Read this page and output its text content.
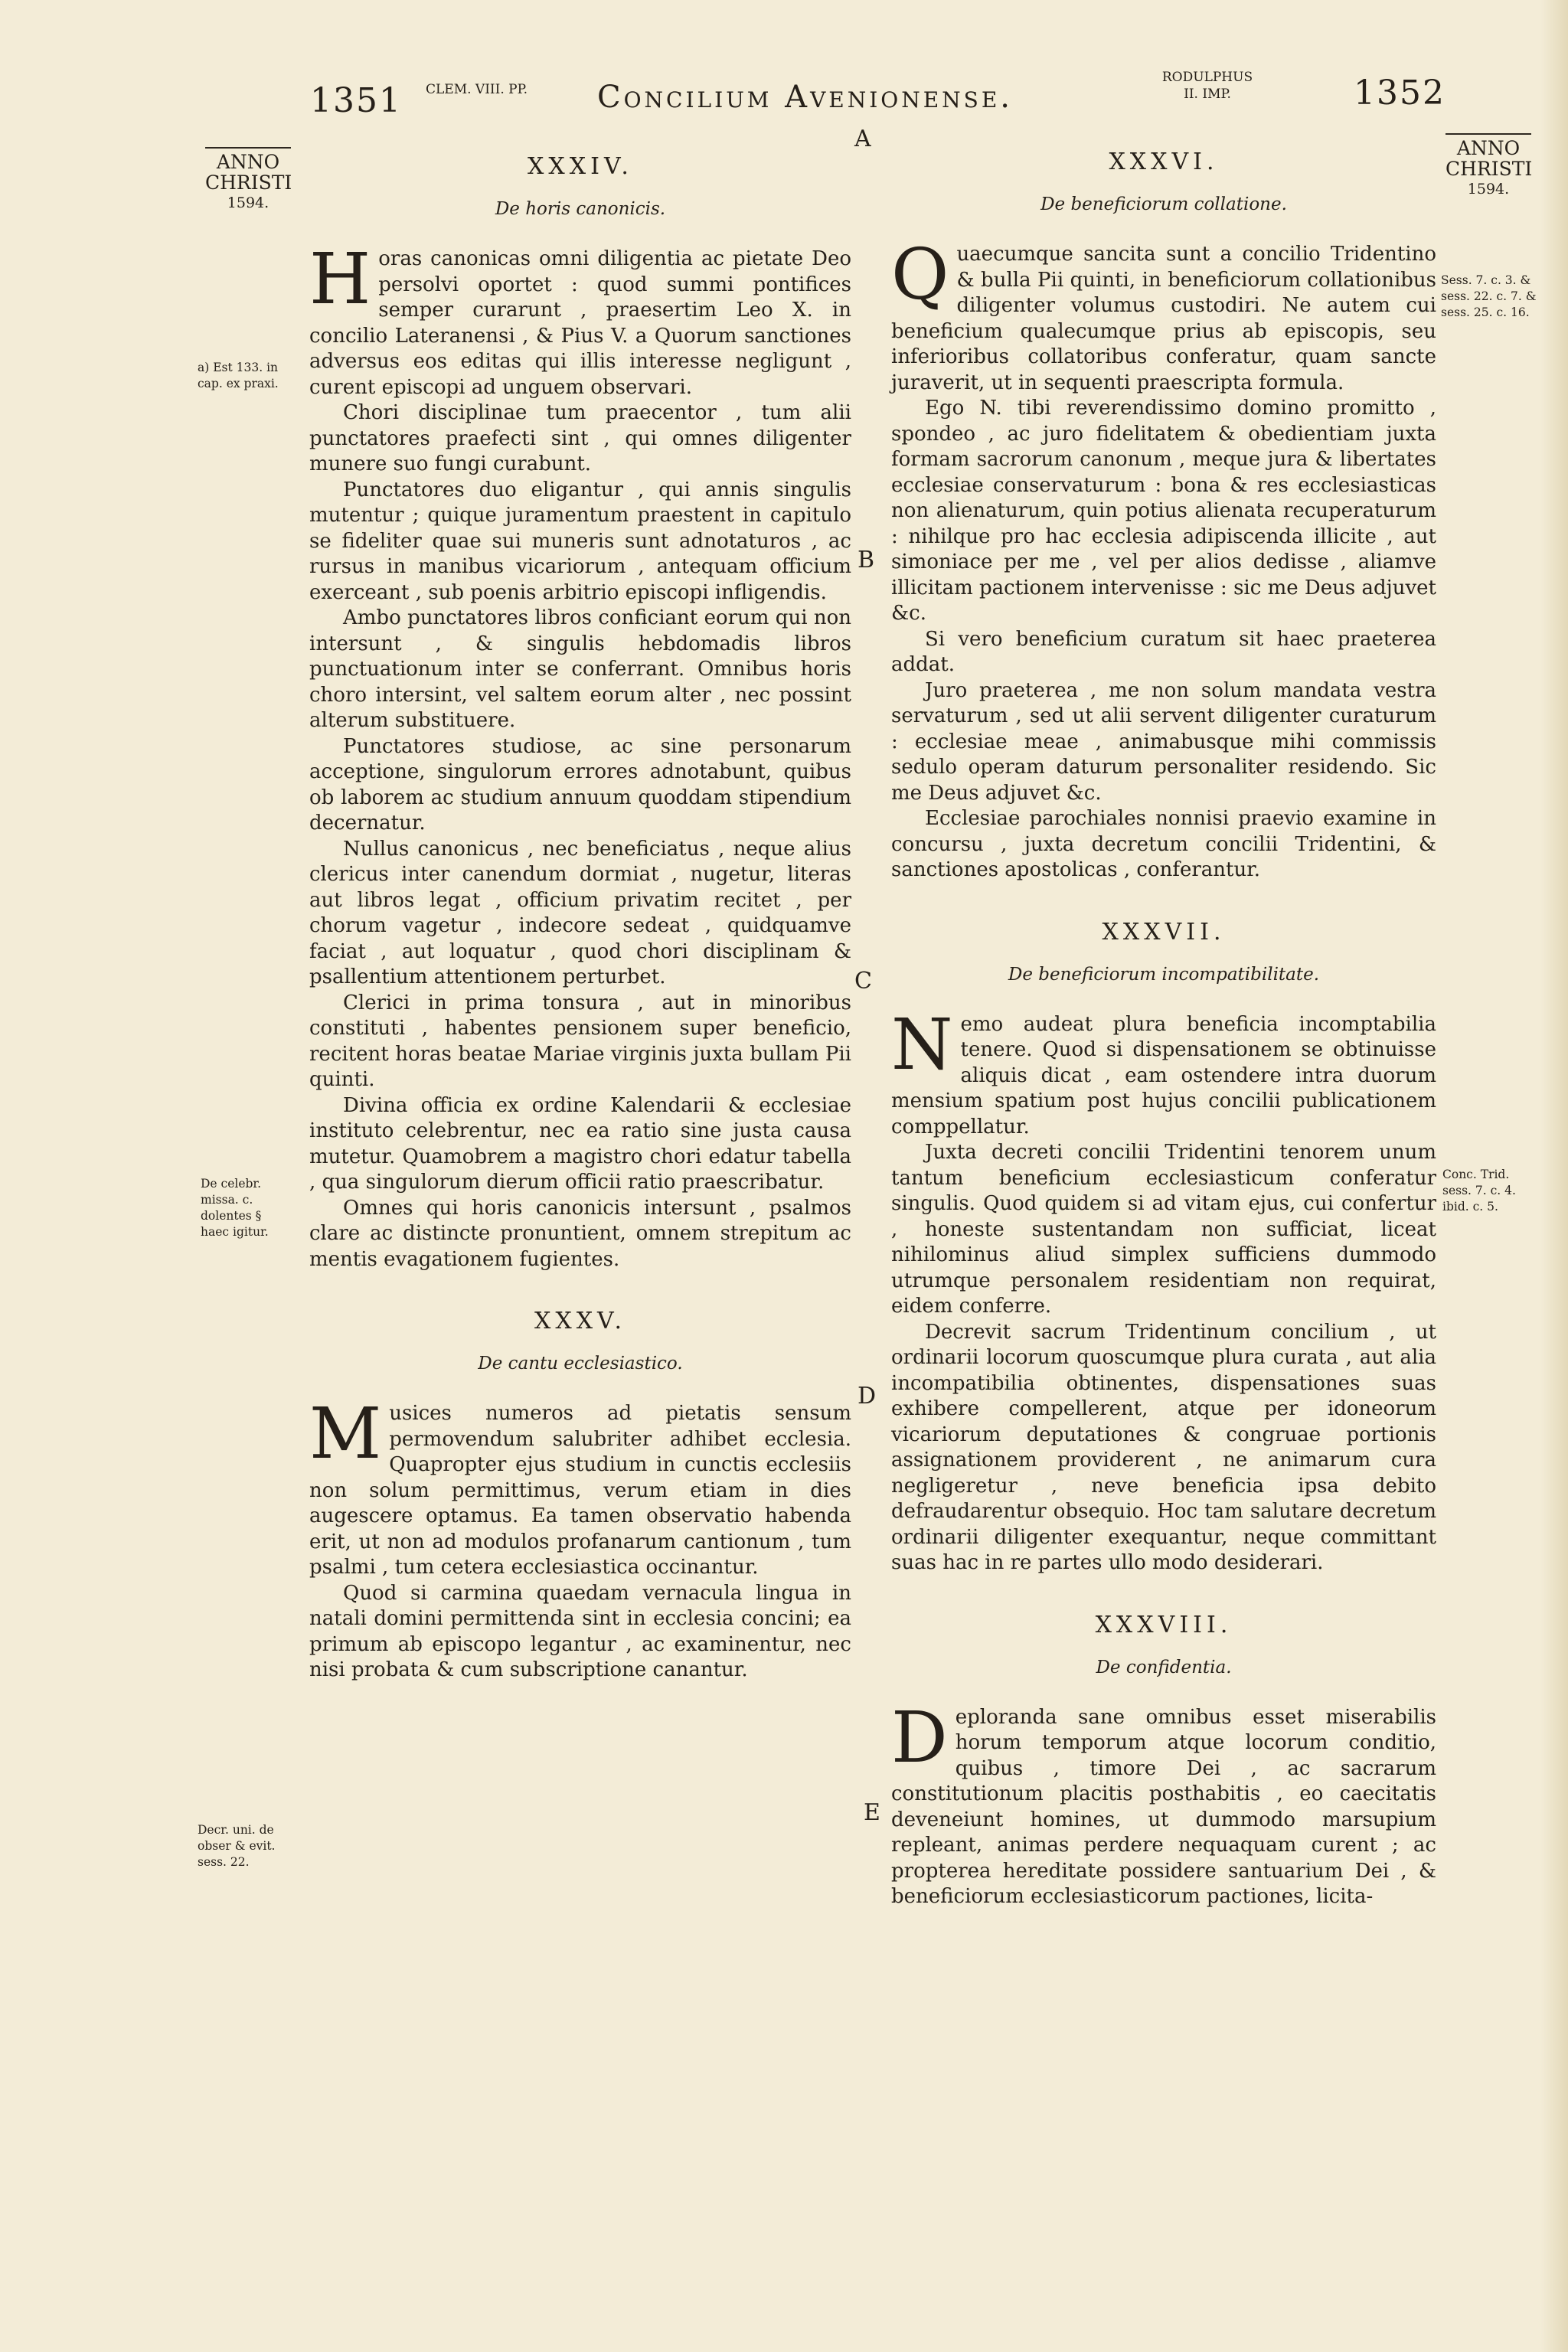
1351 CLEM. VIII. PP. Concilium Avenionense.
RODULPHUS II. IMP.	1352
ANNO CHRISTI
1594.
ANNO CHRISTI
1594.
A
B
C
D
E
a) Est 133. in cap. ex praxi.
De celebr. missa. c. dolentes § haec igitur.
Decr. uni. de obser & evit. sess. 22.
Sess. 7. c. 3. & sess. 22. c. 7. & sess. 25. c. 16.
Conc. Trid. sess. 7. c. 4. ibid. c. 5.
XXXIV.
De horis canonicis.

Horas canonicas omni diligentia ac pietate Deo persolvi oportet : quod summi pontifices semper curarunt , praesertim Leo X. in concilio Lateranensi , & Pius V. a Quorum sanctiones adversus eos editas qui illis interesse negligunt , curent episcopi ad unguem observari.

Chori disciplinae tum praecentor , tum alii punctatores praefecti sint , qui omnes diligenter munere suo fungi curabunt.

Punctatores duo eligantur , qui annis singulis mutentur ; quique juramentum praestent in capitulo se fideliter quae sui muneris sunt adnotaturos , ac rursus in manibus vicariorum , antequam officium exerceant , sub poenis arbitrio episcopi infligendis.

Ambo punctatores libros conficiant eorum qui non intersunt , & singulis hebdomadis libros punctuationum inter se conferrant. Omnibus horis choro intersint, vel saltem eorum alter , nec possint alterum substituere.

Punctatores studiose, ac sine personarum acceptione, singulorum errores adnotabunt, quibus ob laborem ac studium annuum quoddam stipendium decernatur.

Nullus canonicus , nec beneficiatus , neque alius clericus inter canendum dormiat , nugetur, literas aut libros legat , officium privatim recitet , per chorum vagetur , indecore sedeat , quidquamve faciat , aut loquatur , quod chori disciplinam & psallentium attentionem perturbet.

Clerici in prima tonsura , aut in minoribus constituti , habentes pensionem super beneficio, recitent horas beatae Mariae virginis juxta bullam Pii quinti.

Divina officia ex ordine Kalendarii & ecclesiae instituto celebrentur, nec ea ratio sine justa causa mutetur. Quamobrem a magistro chori edatur tabella , qua singulorum dierum officii ratio praescribatur.

Omnes qui horis canonicis intersunt , psalmos clare ac distincte pronuntient, omnem strepitum ac mentis evagationem fugientes.

XXXV.
De cantu ecclesiastico.

Musices numeros ad pietatis sensum permovendum salubriter adhibet ecclesia. Quapropter ejus studium in cunctis ecclesiis non solum permittimus, verum etiam in dies augescere optamus. Ea tamen observatio habenda erit, ut non ad modulos profanarum cantionum , tum psalmi , tum cetera ecclesiastica occinantur.

Quod si carmina quaedam vernacula lingua in natali domini permittenda sint in ecclesia concini; ea primum ab episcopo legantur , ac examinentur, nec nisi probata & cum subscriptione canantur.

XXXVI.
De beneficiorum collatione.

Quaecumque sancita sunt a concilio Tridentino & bulla Pii quinti, in beneficiorum collationibus diligenter volumus custodiri. Ne autem cui beneficium qualecumque prius ab episcopis, seu inferioribus collatoribus conferatur, quam sancte juraverit, ut in sequenti praescripta formula.

Ego N. tibi reverendissimo domino promitto , spondeo , ac juro fidelitatem & obedientiam juxta formam sacrorum canonum , meque jura & libertates ecclesiae conservaturum : bona & res ecclesiasticas non alienaturum, quin potius alienata recuperaturum : nihilque pro hac ecclesia adipiscenda illicite , aut simoniace per me , vel per alios dedisse , aliamve illicitam pactionem intervenisse : sic me Deus adjuvet &c.

Si vero beneficium curatum sit haec praeterea addat.

Juro praeterea , me non solum mandata vestra servaturum , sed ut alii servent diligenter curaturum : ecclesiae meae , animabusque mihi commissis sedulo operam daturum personaliter residendo. Sic me Deus adjuvet &c.

Ecclesiae parochiales nonnisi praevio examine in concursu , juxta decretum concilii Tridentini, & sanctiones apostolicas , conferantur.

XXXVII.
De beneficiorum incompatibilitate.

Nemo audeat plura beneficia incomptabilia tenere. Quod si dispensationem se obtinuisse aliquis dicat , eam ostendere intra duorum mensium spatium post hujus concilii publicationem comppellatur.

Juxta decreti concilii Tridentini tenorem unum tantum beneficium ecclesiasticum conferatur singulis. Quod quidem si ad vitam ejus, cui confertur , honeste sustentandam non sufficiat, liceat nihilominus aliud simplex sufficiens dummodo utrumque personalem residentiam non requirat, eidem conferre.

Decrevit sacrum Tridentinum concilium , ut ordinarii locorum quoscumque plura curata , aut alia incompatibilia obtinentes, dispensationes suas exhibere compellerent, atque per idoneorum vicariorum deputationes & congruae portionis assignationem providerent , ne animarum cura negligeretur , neve beneficia ipsa debito defraudarentur obsequio. Hoc tam salutare decretum ordinarii diligenter exequantur, neque committant suas hac in re partes ullo modo desiderari.

XXXVIII.
De confidentia.

Deploranda sane omnibus esset miserabilis horum temporum atque locorum conditio, quibus , timore Dei , ac sacrarum constitutionum placitis posthabitis , eo caecitatis deveneiunt homines, ut dummodo marsupium repleant, animas perdere nequaquam curent ; ac propterea hereditate possidere santuarium Dei , & beneficiorum ecclesiasticorum pactiones, licita-
